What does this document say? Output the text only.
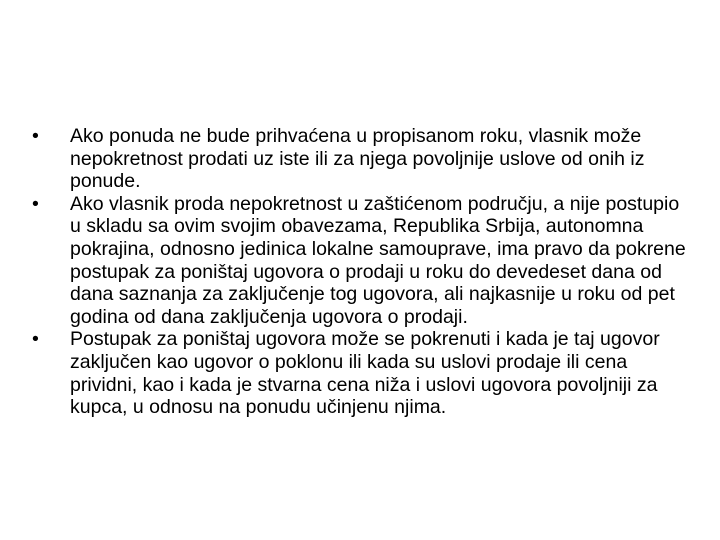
•	Ako ponuda ne bude prihvaćena u propisanom roku, vlasnik može nepokretnost prodati uz iste ili za njega povoljnije uslove od onih iz ponude.
•	Ako vlasnik proda nepokretnost u zaštićenom području, a nije postupio u skladu sa ovim svojim obavezama, Republika Srbija, autonomna pokrajina, odnosno jedinica lokalne samouprave, ima pravo da pokrene postupak za poništaj ugovora o prodaji u roku do devedeset dana od dana saznanja za zaključenje tog ugovora, ali najkasnije u roku od pet godina od dana zaključenja ugovora o prodaji.
•	Postupak za poništaj ugovora može se pokrenuti i kada je taj ugovor zaključen kao ugovor o poklonu ili kada su uslovi prodaje ili cena prividni, kao i kada je stvarna cena niža i uslovi ugovora povoljniji za kupca, u odnosu na ponudu učinjenu njima.
